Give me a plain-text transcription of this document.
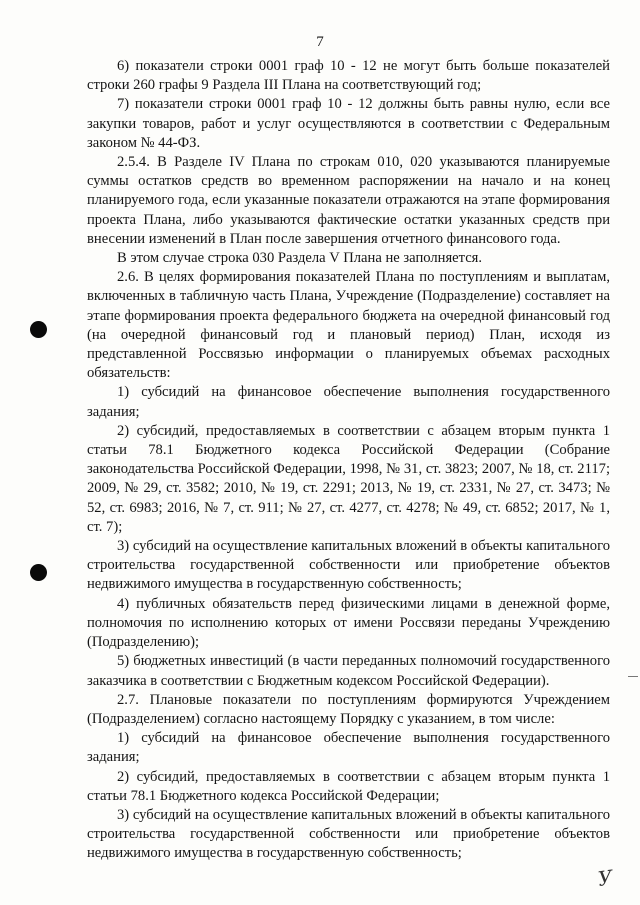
7

6) показатели строки 0001 граф 10 - 12 не могут быть больше показателей строки 260 графы 9 Раздела III Плана на соответствующий год;

7) показатели строки 0001 граф 10 - 12 должны быть равны нулю, если все закупки товаров, работ и услуг осуществляются в соответствии с Федеральным законом № 44-ФЗ.

2.5.4. В Разделе IV Плана по строкам 010, 020 указываются планируемые суммы остатков средств во временном распоряжении на начало и на конец планируемого года, если указанные показатели отражаются на этапе формирования проекта Плана, либо указываются фактические остатки указанных средств при внесении изменений в План после завершения отчетного финансового года.

В этом случае строка 030 Раздела V Плана не заполняется.

2.6. В целях формирования показателей Плана по поступлениям и выплатам, включенных в табличную часть Плана, Учреждение (Подразделение) составляет на этапе формирования проекта федерального бюджета на очередной финансовый год (на очередной финансовый год и плановый период) План, исходя из представленной Россвязью информации о планируемых объемах расходных обязательств:

1) субсидий на финансовое обеспечение выполнения государственного задания;

2) субсидий, предоставляемых в соответствии с абзацем вторым пункта 1 статьи 78.1 Бюджетного кодекса Российской Федерации (Собрание законодательства Российской Федерации, 1998, № 31, ст. 3823; 2007, № 18, ст. 2117; 2009, № 29, ст. 3582; 2010, № 19, ст. 2291; 2013, № 19, ст. 2331, № 27, ст. 3473; № 52, ст. 6983; 2016, № 7, ст. 911; № 27, ст. 4277, ст. 4278; № 49, ст. 6852; 2017, № 1, ст. 7);

3) субсидий на осуществление капитальных вложений в объекты капитального строительства государственной собственности или приобретение объектов недвижимого имущества в государственную собственность;

4) публичных обязательств перед физическими лицами в денежной форме, полномочия по исполнению которых от имени Россвязи переданы Учреждению (Подразделению);

5) бюджетных инвестиций (в части переданных полномочий государственного заказчика в соответствии с Бюджетным кодексом Российской Федерации).

2.7. Плановые показатели по поступлениям формируются Учреждением (Подразделением) согласно настоящему Порядку с указанием, в том числе:

1) субсидий на финансовое обеспечение выполнения государственного задания;

2) субсидий, предоставляемых в соответствии с абзацем вторым пункта 1 статьи 78.1 Бюджетного кодекса Российской Федерации;

3) субсидий на осуществление капитальных вложений в объекты капитального строительства государственной собственности или приобретение объектов недвижимого имущества в государственную собственность;

У
